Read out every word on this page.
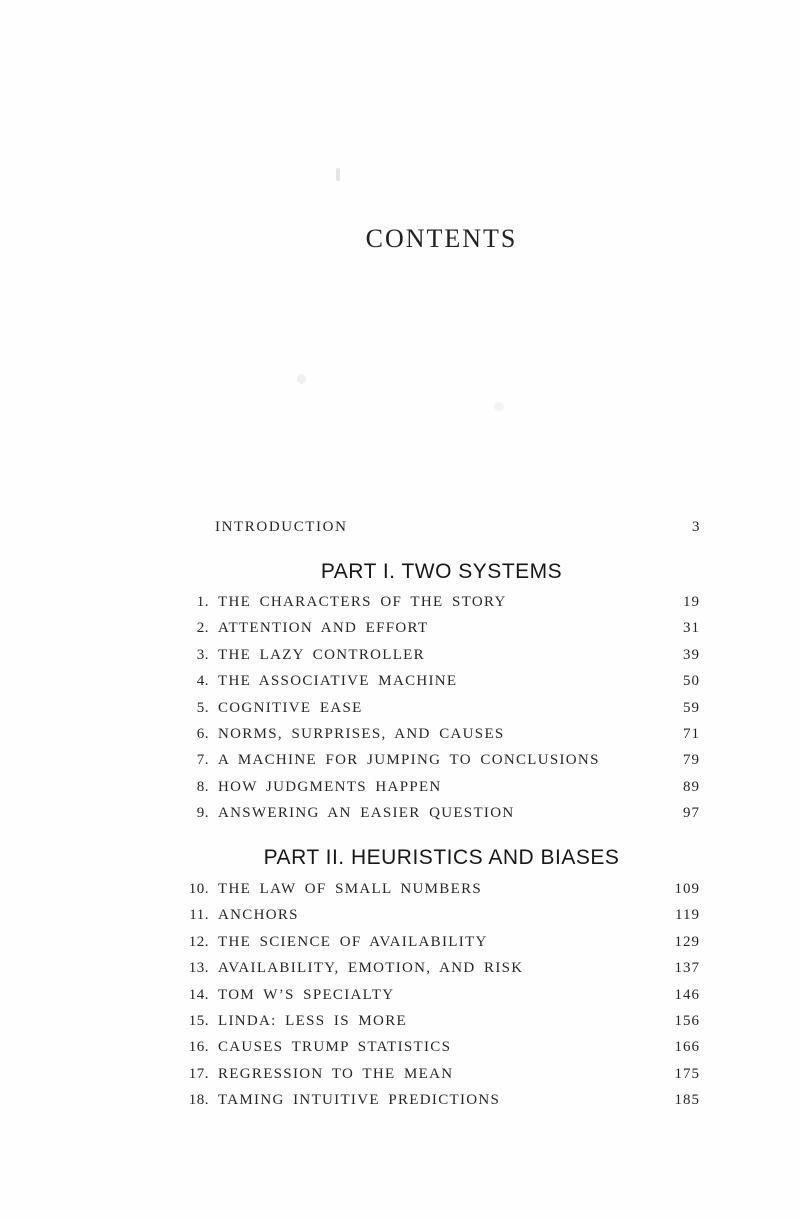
CONTENTS
INTRODUCTION	3
PART I. TWO SYSTEMS
1. THE CHARACTERS OF THE STORY	19
2. ATTENTION AND EFFORT	31
3. THE LAZY CONTROLLER	39
4. THE ASSOCIATIVE MACHINE	50
5. COGNITIVE EASE	59
6. NORMS, SURPRISES, AND CAUSES	71
7. A MACHINE FOR JUMPING TO CONCLUSIONS	79
8. HOW JUDGMENTS HAPPEN	89
9. ANSWERING AN EASIER QUESTION	97
PART II. HEURISTICS AND BIASES
10. THE LAW OF SMALL NUMBERS	109
11. ANCHORS	119
12. THE SCIENCE OF AVAILABILITY	129
13. AVAILABILITY, EMOTION, AND RISK	137
14. TOM W’S SPECIALTY	146
15. LINDA: LESS IS MORE	156
16. CAUSES TRUMP STATISTICS	166
17. REGRESSION TO THE MEAN	175
18. TAMING INTUITIVE PREDICTIONS	185
